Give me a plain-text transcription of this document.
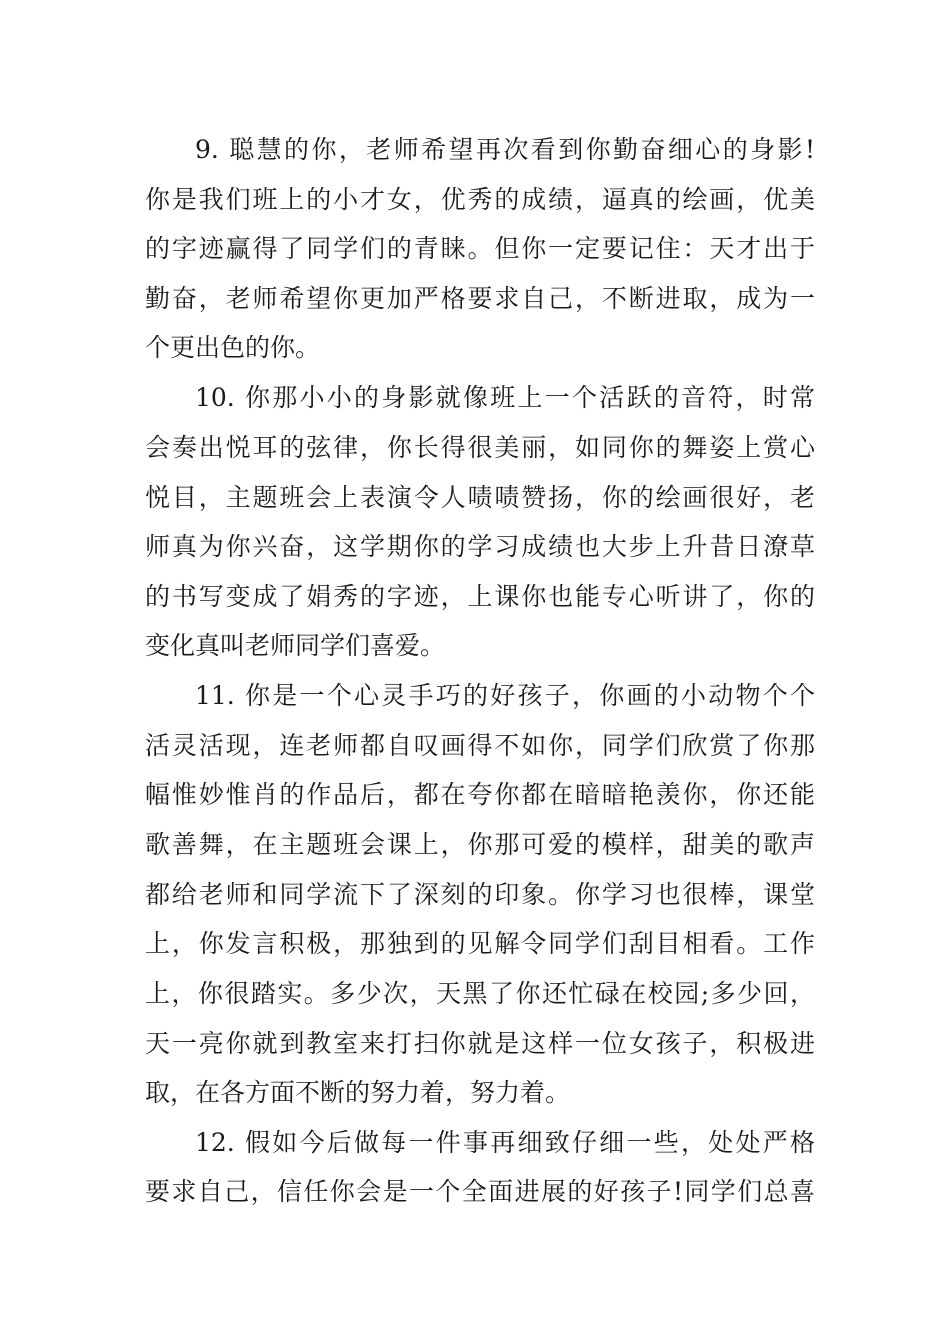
9. 聪慧的你，老师希望再次看到你勤奋细心的身影!
你是我们班上的小才女，优秀的成绩，逼真的绘画，优美
的字迹赢得了同学们的青睐。但你一定要记住：天才出于
勤奋，老师希望你更加严格要求自己，不断进取，成为一
个更出色的你。
10. 你那小小的身影就像班上一个活跃的音符，时常
会奏出悦耳的弦律，你长得很美丽，如同你的舞姿上赏心
悦目，主题班会上表演令人啧啧赞扬，你的绘画很好，老
师真为你兴奋，这学期你的学习成绩也大步上升昔日潦草
的书写变成了娟秀的字迹，上课你也能专心听讲了，你的
变化真叫老师同学们喜爱。
11. 你是一个心灵手巧的好孩子，你画的小动物个个
活灵活现，连老师都自叹画得不如你，同学们欣赏了你那
幅惟妙惟肖的作品后，都在夸你都在暗暗艳羡你，你还能
歌善舞，在主题班会课上，你那可爱的模样，甜美的歌声
都给老师和同学流下了深刻的印象。你学习也很棒，课堂
上，你发言积极，那独到的见解令同学们刮目相看。工作
上，你很踏实。多少次，天黑了你还忙碌在校园;多少回，
天一亮你就到教室来打扫你就是这样一位女孩子，积极进
取，在各方面不断的努力着，努力着。
12. 假如今后做每一件事再细致仔细一些，处处严格
要求自己，信任你会是一个全面进展的好孩子!同学们总喜
